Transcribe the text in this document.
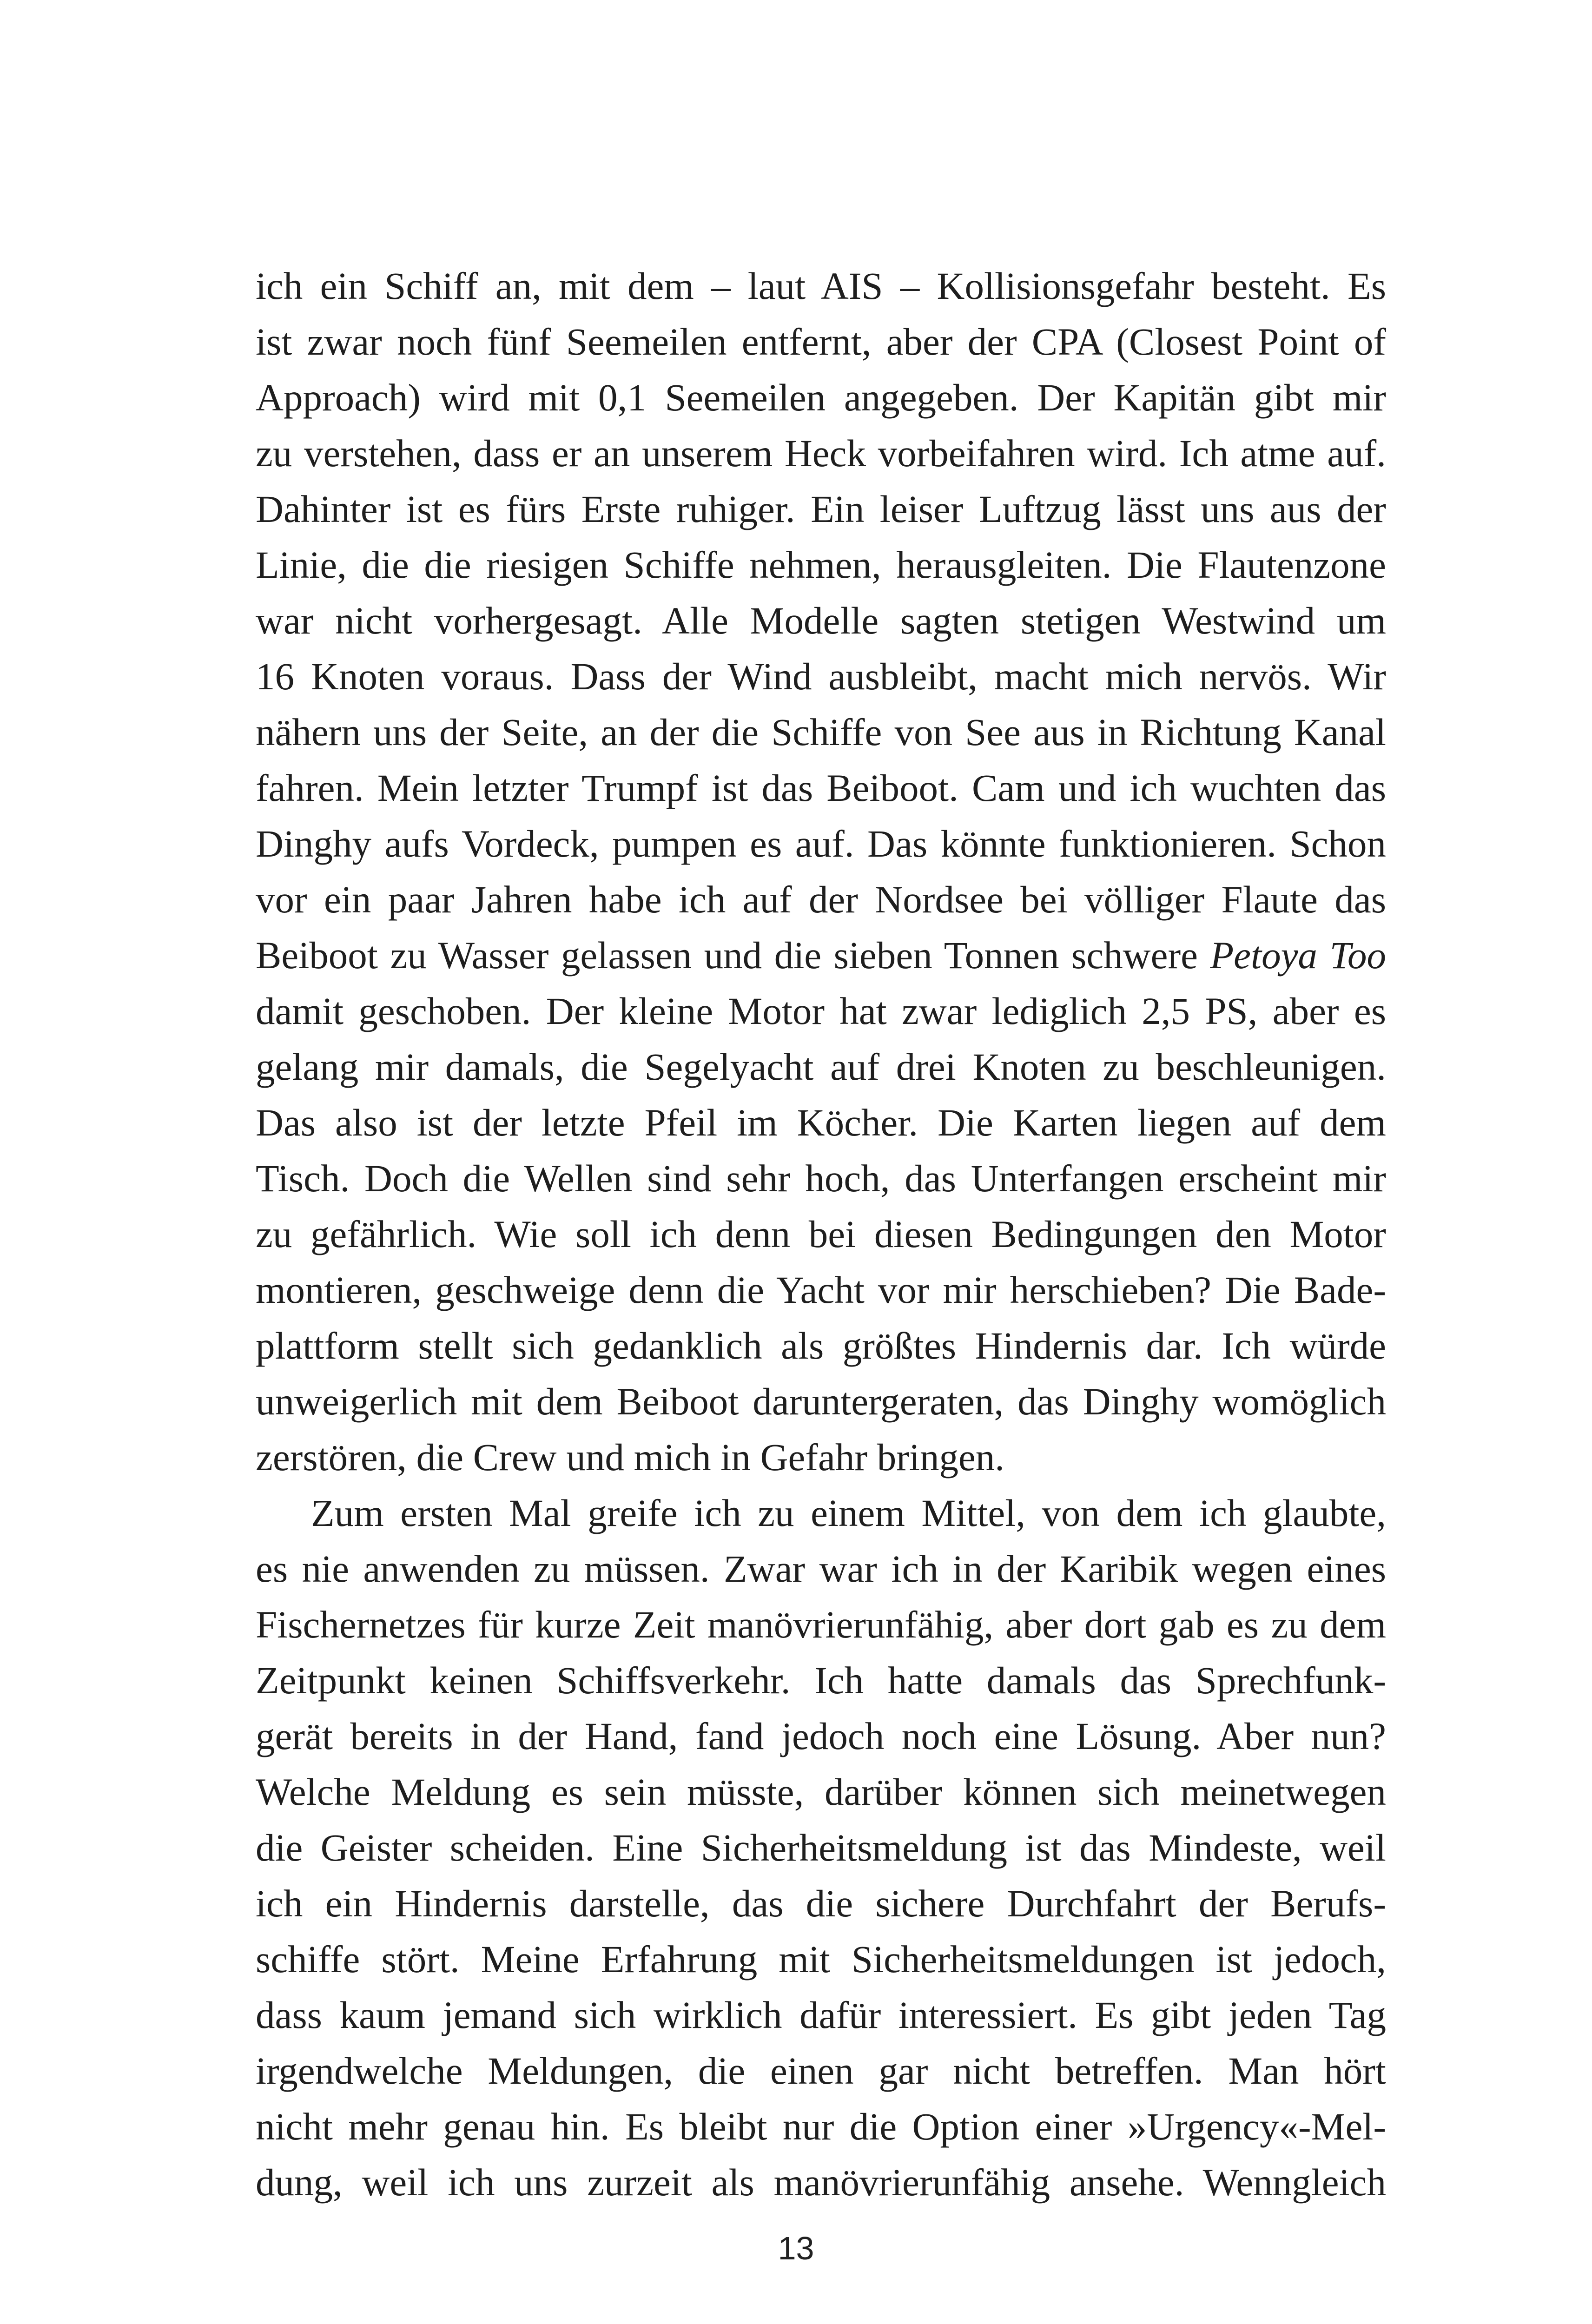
ich ein Schiff an, mit dem – laut AIS – Kollisionsgefahr besteht. Es
ist zwar noch fünf Seemeilen entfernt, aber der CPA (Closest Point of
Approach) wird mit 0,1 Seemeilen angegeben. Der Kapitän gibt mir
zu verstehen, dass er an unserem Heck vorbeifahren wird. Ich atme auf.
Dahinter ist es fürs Erste ruhiger. Ein leiser Luftzug lässt uns aus der
Linie, die die riesigen Schiffe nehmen, herausgleiten. Die Flautenzone
war nicht vorhergesagt. Alle Modelle sagten stetigen Westwind um
16 Knoten voraus. Dass der Wind ausbleibt, macht mich nervös. Wir
nähern uns der Seite, an der die Schiffe von See aus in Richtung Kanal
fahren. Mein letzter Trumpf ist das Beiboot. Cam und ich wuchten das
Dinghy aufs Vordeck, pumpen es auf. Das könnte funktionieren. Schon
vor ein paar Jahren habe ich auf der Nordsee bei völliger Flaute das
Beiboot zu Wasser gelassen und die sieben Tonnen schwere Petoya Too
damit geschoben. Der kleine Motor hat zwar lediglich 2,5 PS, aber es
gelang mir damals, die Segelyacht auf drei Knoten zu beschleunigen.
Das also ist der letzte Pfeil im Köcher. Die Karten liegen auf dem
Tisch. Doch die Wellen sind sehr hoch, das Unterfangen erscheint mir
zu gefährlich. Wie soll ich denn bei diesen Bedingungen den Motor
montieren, geschweige denn die Yacht vor mir herschieben? Die Bade-
plattform stellt sich gedanklich als größtes Hindernis dar. Ich würde
unweigerlich mit dem Beiboot daruntergeraten, das Dinghy womöglich
zerstören, die Crew und mich in Gefahr bringen.
Zum ersten Mal greife ich zu einem Mittel, von dem ich glaubte,
es nie anwenden zu müssen. Zwar war ich in der Karibik wegen eines
Fischernetzes für kurze Zeit manövrierunfähig, aber dort gab es zu dem
Zeitpunkt keinen Schiffsverkehr. Ich hatte damals das Sprechfunk-
gerät bereits in der Hand, fand jedoch noch eine Lösung. Aber nun?
Welche Meldung es sein müsste, darüber können sich meinetwegen
die Geister scheiden. Eine Sicherheitsmeldung ist das Mindeste, weil
ich ein Hindernis darstelle, das die sichere Durchfahrt der Berufs-
schiffe stört. Meine Erfahrung mit Sicherheitsmeldungen ist jedoch,
dass kaum jemand sich wirklich dafür interessiert. Es gibt jeden Tag
irgendwelche Meldungen, die einen gar nicht betreffen. Man hört
nicht mehr genau hin. Es bleibt nur die Option einer »Urgency«-Mel-
dung, weil ich uns zurzeit als manövrierunfähig ansehe. Wenngleich
13
